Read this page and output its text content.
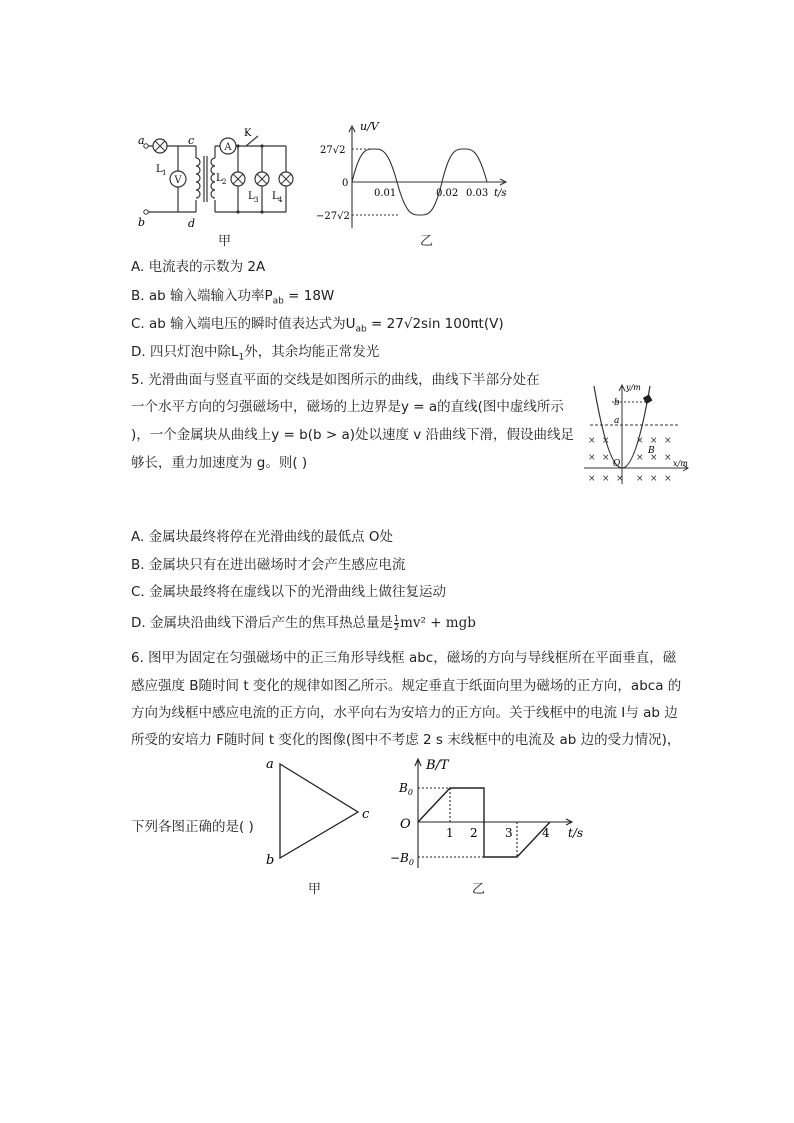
V
A
a
b
c
d
K
L 1	L 2
L 3 L 4
甲
u/V
27√2
−27√2
0
0.01	0.02 0.03 t/s
乙
A. 电流表的示数为 2A
B. ab 输入端输入功率$P_{ab} = 18W$
C. ab 输入端电压的瞬时值表达式为$U_{ab} = 27√2\sin$ 100πt(V)
D. 四只灯泡中除$L_1$外，其余均能正常发光
5. 光滑曲面与竖直平面的交线是如图所示的曲线，曲线下半部分处在
一个水平方向的匀强磁场中，磁场的上边界是y = a的直线(图中虚线所示
)，一个金属块从曲线上y = b(b > a)处以速度 v 沿曲线下滑，假设曲线足
够长，重力加速度为 g。则( )
y/m
x/m
b
a
B
O
× ×	× × ×
× ×	× × ×
× × × × × ×
A. 金属块最终将停在光滑曲线的最低点 O处
B. 金属块只有在进出磁场时才会产生感应电流
C. 金属块最终将在虚线以下的光滑曲线上做往复运动
D. 金属块沿曲线下滑后产生的焦耳热总量是 $\frac{1}{2} mv^2$ + mgb
6. 图甲为固定在匀强磁场中的正三角形导线框 abc，磁场的方向与导线框所在平面垂直，磁
感应强度 B随时间 t 变化的规律如图乙所示。规定垂直于纸面向里为磁场的正方向，abca 的
方向为线框中感应电流的正方向，水平向右为安培力的正方向。关于线框中的电流 I与 ab 边
所受的安培力 F随时间 t 变化的图像(图中不考虑 2 s 末线框中的电流及 ab 边的受力情况)，
下列各图正确的是( )
a
b
c
甲
B/T
$B_0$
$-B_0$
O
1 2 3 4 t/s
乙
